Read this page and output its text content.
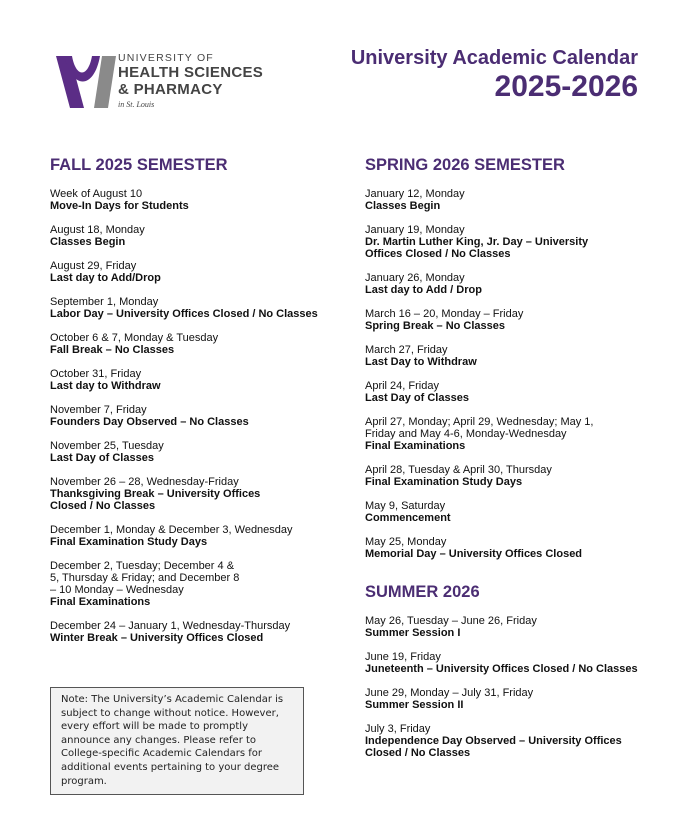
UNIVERSITY OF
HEALTH SCIENCES
& PHARMACY
in St. Louis
University Academic Calendar
2025-2026
FALL 2025 SEMESTER
Week of August 10
Move-In Days for Students
August 18, Monday
Classes Begin
August 29, Friday
Last day to Add/Drop
September 1, Monday
Labor Day – University Offices Closed / No Classes
October 6 & 7, Monday & Tuesday
Fall Break – No Classes
October 31, Friday
Last day to Withdraw
November 7, Friday
Founders Day Observed – No Classes
November 25, Tuesday
Last Day of Classes
November 26 – 28, Wednesday-Friday
Thanksgiving Break – University Offices Closed / No Classes
December 1, Monday & December 3, Wednesday
Final Examination Study Days
December 2, Tuesday; December 4 & 5, Thursday & Friday; and December 8 – 10 Monday – Wednesday
Final Examinations
December 24 – January 1, Wednesday-Thursday
Winter Break – University Offices Closed
SPRING 2026 SEMESTER
January 12, Monday
Classes Begin
January 19, Monday
Dr. Martin Luther King, Jr. Day – University Offices Closed / No Classes
January 26, Monday
Last day to Add / Drop
March 16 – 20, Monday – Friday
Spring Break – No Classes
March 27, Friday
Last Day to Withdraw
April 24, Friday
Last Day of Classes
April 27, Monday; April 29, Wednesday; May 1, Friday and May 4-6, Monday-Wednesday
Final Examinations
April 28, Tuesday & April 30, Thursday
Final Examination Study Days
May 9, Saturday
Commencement
May 25, Monday
Memorial Day – University Offices Closed
SUMMER 2026
May 26, Tuesday – June 26, Friday
Summer Session I
June 19, Friday
Juneteenth – University Offices Closed / No Classes
June 29, Monday – July 31, Friday
Summer Session II
July 3, Friday
Independence Day Observed – University Offices Closed / No Classes
Note: The University’s Academic Calendar is subject to change without notice. However, every effort will be made to promptly announce any changes. Please refer to College-specific Academic Calendars for additional events pertaining to your degree program.
